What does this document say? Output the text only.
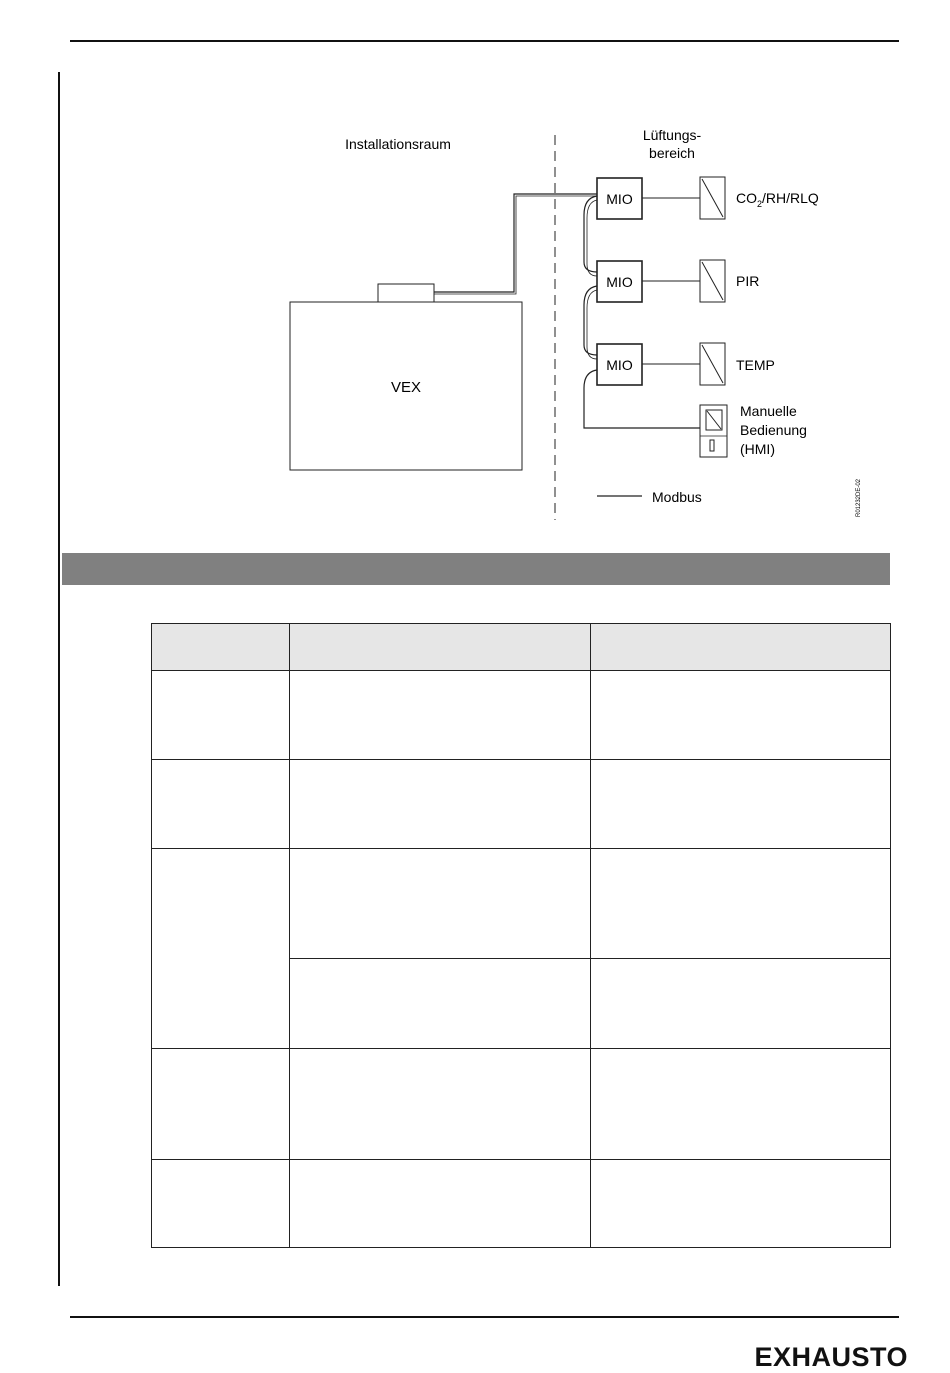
Installationsraum
Lüftungs-
bereich
VEX
MIO
MIO
MIO
$CO_2/RH$/RLQ
PIR
TEMP
Manuelle
Bedienung
(HMI)
Modbus	R01232DE-02

EXHAUSTO
